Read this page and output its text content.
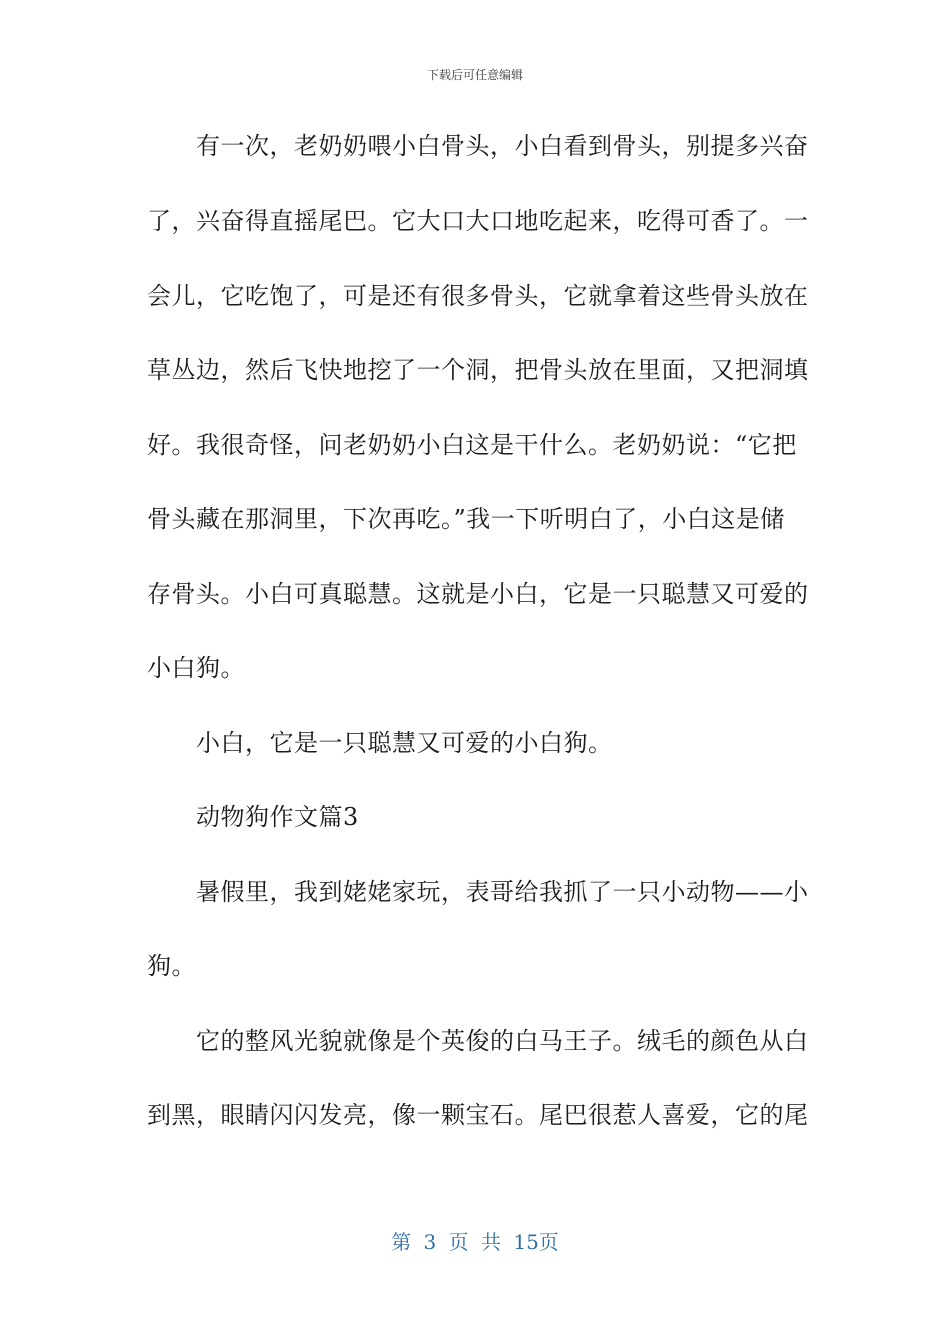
下载后可任意编辑
　　有一次，老奶奶喂小白骨头，小白看到骨头，别提多兴奋
了，兴奋得直摇尾巴。它大口大口地吃起来，吃得可香了。一
会儿，它吃饱了，可是还有很多骨头，它就拿着这些骨头放在
草丛边，然后飞快地挖了一个洞，把骨头放在里面，又把洞填
好。我很奇怪，问老奶奶小白这是干什么。老奶奶说：“它把
骨头藏在那洞里，下次再吃。”我一下听明白了，小白这是储
存骨头。小白可真聪慧。这就是小白，它是一只聪慧又可爱的
小白狗。
　　小白，它是一只聪慧又可爱的小白狗。
　　动物狗作文篇3
　　暑假里，我到姥姥家玩，表哥给我抓了一只小动物——小
狗。
　　它的整风光貌就像是个英俊的白马王子。绒毛的颜色从白
到黑，眼睛闪闪发亮，像一颗宝石。尾巴很惹人喜爱，它的尾
第 3 页 共 15页
